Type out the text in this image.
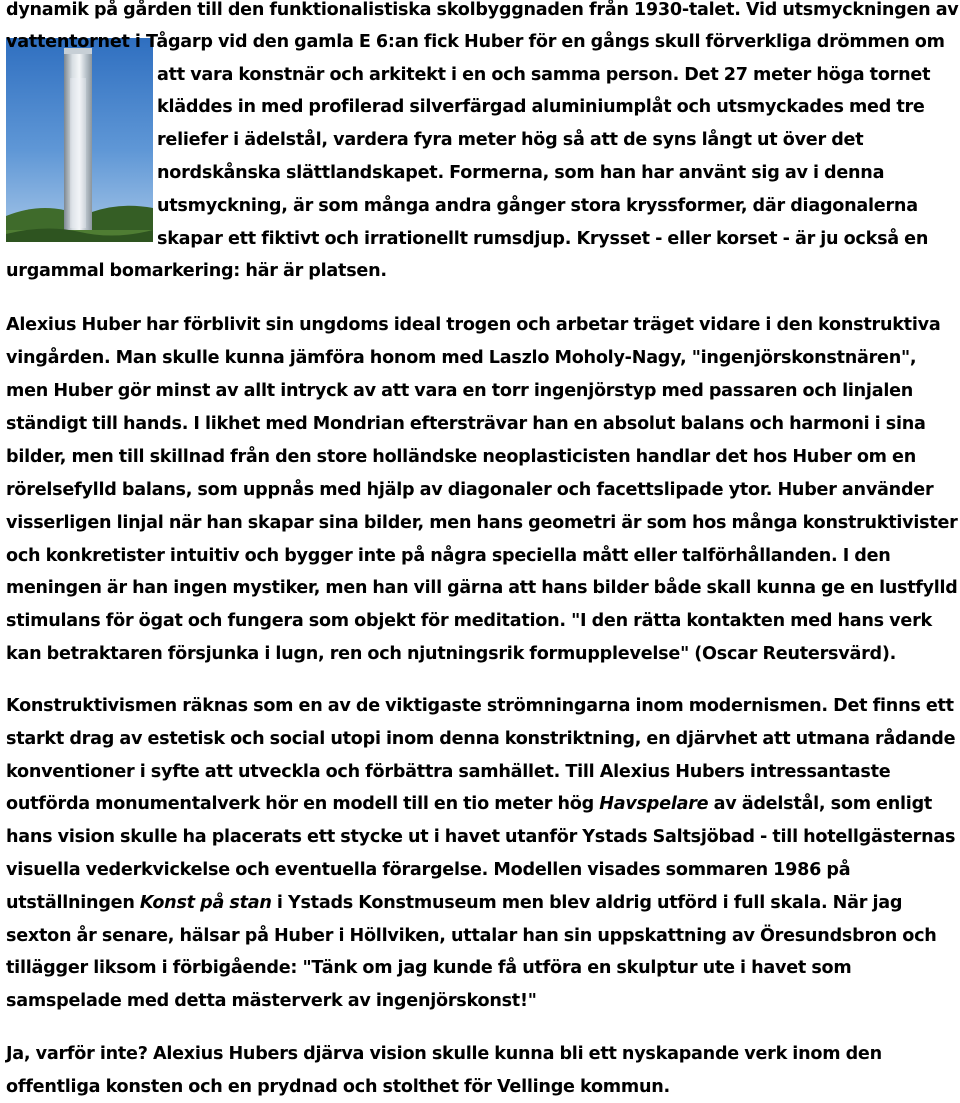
dynamik på gården till den funktionalistiska skolbyggnaden från 1930-talet. Vid utsmyckningen av
vattentornet i Tågarp vid den gamla E 6:an fick Huber för en gångs skull förverkliga drömmen om
att vara konstnär och arkitekt i en och samma person. Det 27 meter höga tornet
kläddes in med profilerad silverfärgad aluminiumplåt och utsmyckades med tre
reliefer i ädelstål, vardera fyra meter hög så att de syns långt ut över det
nordskånska slättlandskapet. Formerna, som han har använt sig av i denna
utsmyckning, är som många andra gånger stora kryssformer, där diagonalerna
skapar ett fiktivt och irrationellt rumsdjup. Krysset - eller korset - är ju också en
urgammal bomarkering: här är platsen.
Alexius Huber har förblivit sin ungdoms ideal trogen och arbetar träget vidare i den konstruktiva
vingården. Man skulle kunna jämföra honom med Laszlo Moholy-Nagy, "ingenjörskonstnären",
men Huber gör minst av allt intryck av att vara en torr ingenjörstyp med passaren och linjalen
ständigt till hands. I likhet med Mondrian eftersträvar han en absolut balans och harmoni i sina
bilder, men till skillnad från den store holländske neoplasticisten handlar det hos Huber om en
rörelsefylld balans, som uppnås med hjälp av diagonaler och facettslipade ytor. Huber använder
visserligen linjal när han skapar sina bilder, men hans geometri är som hos många konstruktivister
och konkretister intuitiv och bygger inte på några speciella mått eller talförhållanden. I den
meningen är han ingen mystiker, men han vill gärna att hans bilder både skall kunna ge en lustfylld
stimulans för ögat och fungera som objekt för meditation. "I den rätta kontakten med hans verk
kan betraktaren försjunka i lugn, ren och njutningsrik formupplevelse" (Oscar Reutersvärd).
Konstruktivismen räknas som en av de viktigaste strömningarna inom modernismen. Det finns ett
starkt drag av estetisk och social utopi inom denna konstriktning, en djärvhet att utmana rådande
konventioner i syfte att utveckla och förbättra samhället. Till Alexius Hubers intressantaste
outförda monumentalverk hör en modell till en tio meter hög Havspelare av ädelstål, som enligt
hans vision skulle ha placerats ett stycke ut i havet utanför Ystads Saltsjöbad - till hotellgästernas
visuella vederkvickelse och eventuella förargelse. Modellen visades sommaren 1986 på
utställningen Konst på stan i Ystads Konstmuseum men blev aldrig utförd i full skala. När jag
sexton år senare, hälsar på Huber i Höllviken, uttalar han sin uppskattning av Öresundsbron och
tillägger liksom i förbigående: "Tänk om jag kunde få utföra en skulptur ute i havet som
samspelade med detta mästerverk av ingenjörskonst!"
Ja, varför inte? Alexius Hubers djärva vision skulle kunna bli ett nyskapande verk inom den
offentliga konsten och en prydnad och stolthet för Vellinge kommun.
